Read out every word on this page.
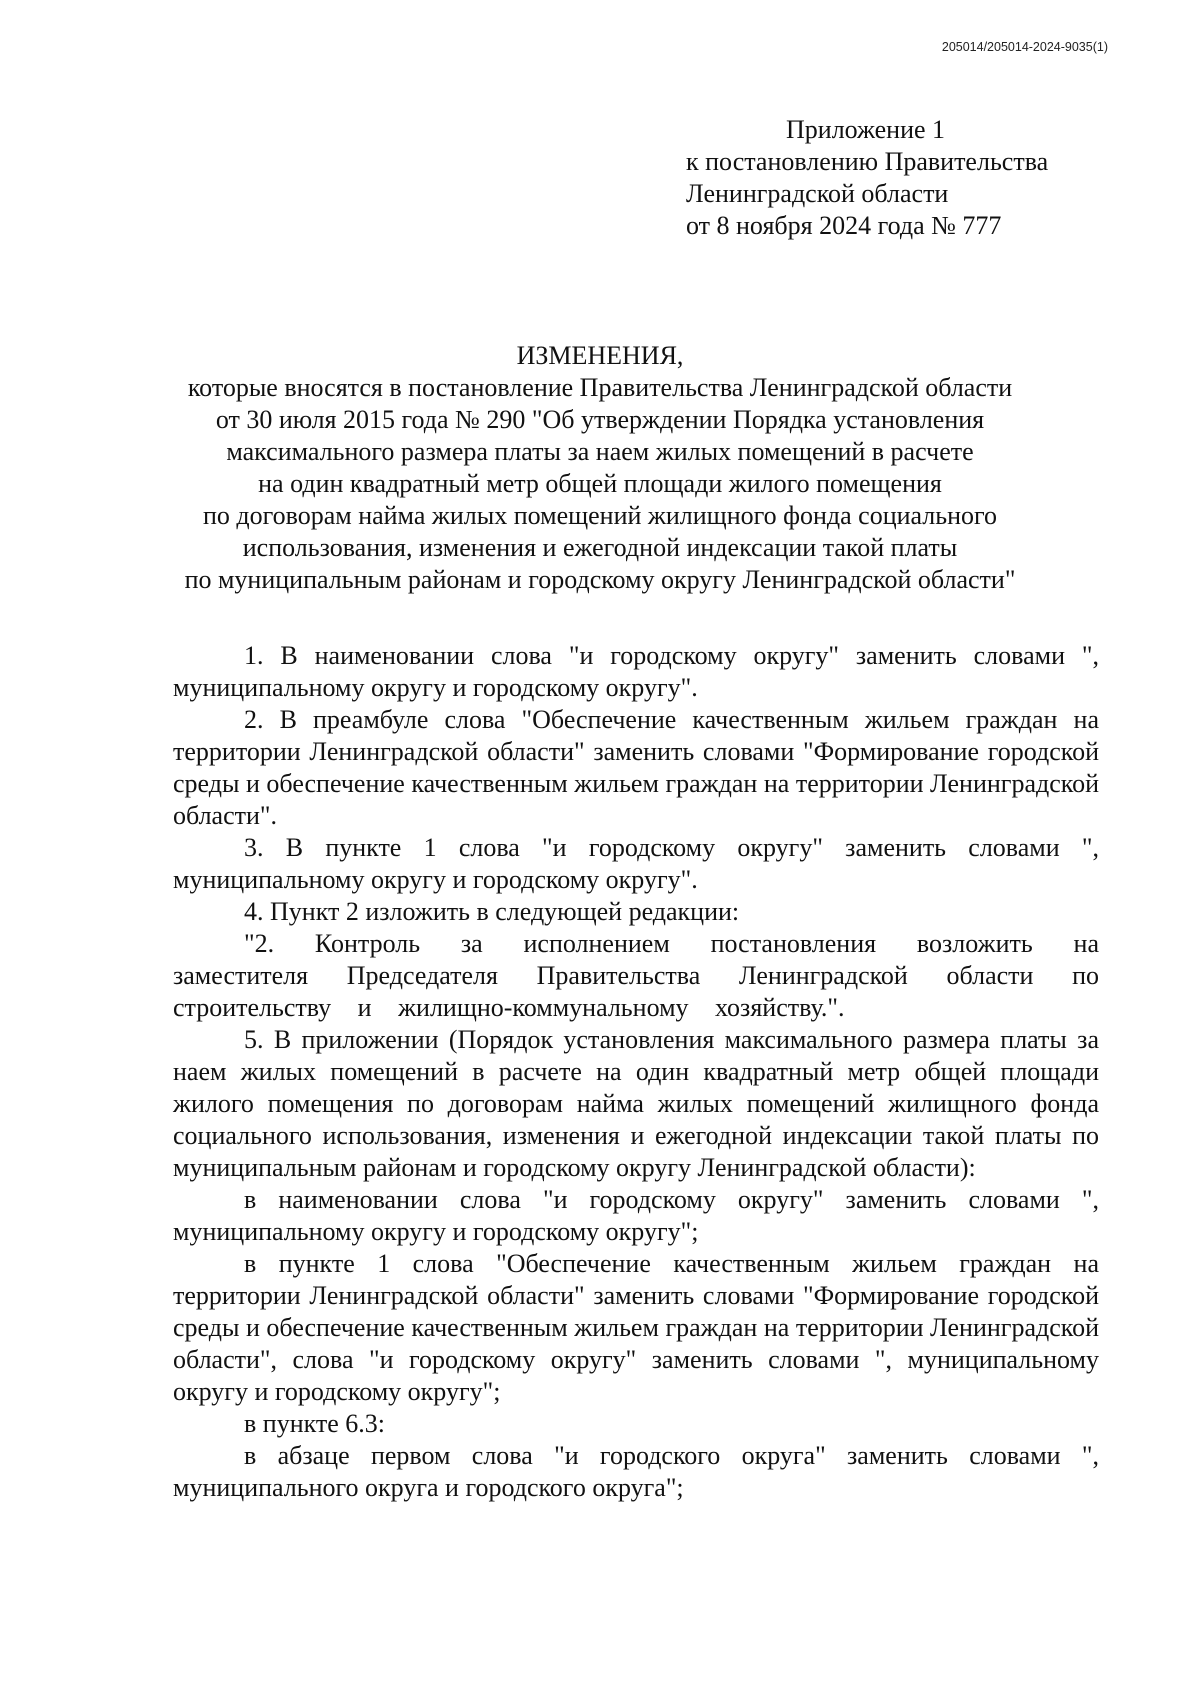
205014/205014-2024-9035(1)
Приложение 1
к постановлению Правительства
Ленинградской области
от 8 ноября 2024 года № 777
ИЗМЕНЕНИЯ,
которые вносятся в постановление Правительства Ленинградской области
от 30 июля 2015 года № 290 "Об утверждении Порядка установления
максимального размера платы за наем жилых помещений в расчете
на один квадратный метр общей площади жилого помещения
по договорам найма жилых помещений жилищного фонда социального
использования, изменения и ежегодной индексации такой платы
по муниципальным районам и городскому округу Ленинградской области"

1. В наименовании слова "и городскому округу" заменить словами ", муниципальному округу и городскому округу".

2. В преамбуле слова "Обеспечение качественным жильем граждан на территории Ленинградской области" заменить словами "Формирование городской среды и обеспечение качественным жильем граждан на территории Ленинградской области".

3. В пункте 1 слова "и городскому округу" заменить словами ", муниципальному округу и городскому округу".

4. Пункт 2 изложить в следующей редакции:

"2. Контроль за исполнением постановления возложить на заместителя Председателя Правительства Ленинградской области по строительству и жилищно-коммунальному хозяйству.".

5. В приложении (Порядок установления максимального размера платы за наем жилых помещений в расчете на один квадратный метр общей площади жилого помещения по договорам найма жилых помещений жилищного фонда социального использования, изменения и ежегодной индексации такой платы по муниципальным районам и городскому округу Ленинградской области):

в наименовании слова "и городскому округу" заменить словами ", муниципальному округу и городскому округу";

в пункте 1 слова "Обеспечение качественным жильем граждан на территории Ленинградской области" заменить словами "Формирование городской среды и обеспечение качественным жильем граждан на территории Ленинградской области", слова "и городскому округу" заменить словами ", муниципальному округу и городскому округу";

в пункте 6.3:

в абзаце первом слова "и городского округа" заменить словами ", муниципального округа и городского округа";
